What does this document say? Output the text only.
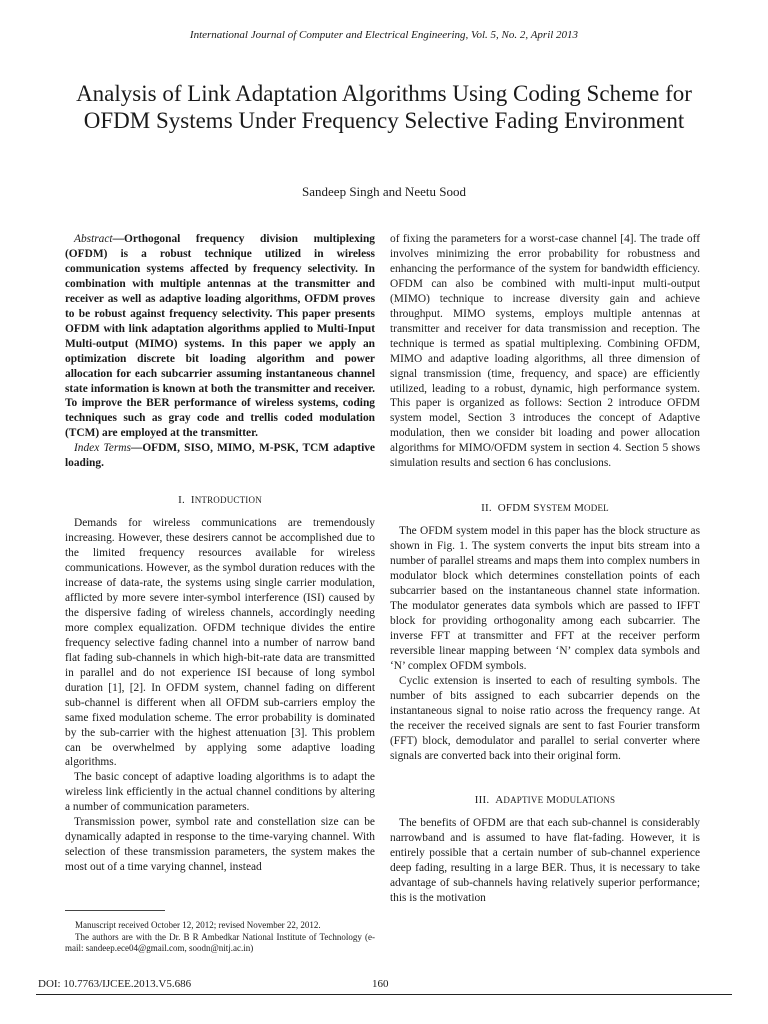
International Journal of Computer and Electrical Engineering, Vol. 5, No. 2, April 2013
Analysis of Link Adaptation Algorithms Using Coding Scheme for OFDM Systems Under Frequency Selective Fading Environment
Sandeep Singh and Neetu Sood

Abstract—Orthogonal frequency division multiplexing (OFDM) is a robust technique utilized in wireless communication systems affected by frequency selectivity. In combination with multiple antennas at the transmitter and receiver as well as adaptive loading algorithms, OFDM proves to be robust against frequency selectivity. This paper presents OFDM with link adaptation algorithms applied to Multi-Input Multi-output (MIMO) systems. In this paper we apply an optimization discrete bit loading algorithm and power allocation for each subcarrier assuming instantaneous channel state information is known at both the transmitter and receiver. To improve the BER performance of wireless systems, coding techniques such as gray code and trellis coded modulation (TCM) are employed at the transmitter.

Index Terms—OFDM, SISO, MIMO, M-PSK, TCM adaptive loading.

I. INTRODUCTION

Demands for wireless communications are tremendously increasing. However, these desirers cannot be accomplished due to the limited frequency resources available for wireless communications. However, as the symbol duration reduces with the increase of data-rate, the systems using single carrier modulation, afflicted by more severe inter-symbol interference (ISI) caused by the dispersive fading of wireless channels, accordingly needing more complex equalization. OFDM technique divides the entire frequency selective fading channel into a number of narrow band flat fading sub-channels in which high-bit-rate data are transmitted in parallel and do not experience ISI because of long symbol duration [1], [2]. In OFDM system, channel fading on different sub-channel is different when all OFDM sub-carriers employ the same fixed modulation scheme. The error probability is dominated by the sub-carrier with the highest attenuation [3]. This problem can be overwhelmed by applying some adaptive loading algorithms.

The basic concept of adaptive loading algorithms is to adapt the wireless link efficiently in the actual channel conditions by altering a number of communication parameters.

Transmission power, symbol rate and constellation size can be dynamically adapted in response to the time-varying channel. With selection of these transmission parameters, the system makes the most out of a time varying channel, instead

of fixing the parameters for a worst-case channel [4]. The trade off involves minimizing the error probability for robustness and enhancing the performance of the system for bandwidth efficiency. OFDM can also be combined with multi-input multi-output (MIMO) technique to increase diversity gain and achieve throughput. MIMO systems, employs multiple antennas at transmitter and receiver for data transmission and reception. The technique is termed as spatial multiplexing. Combining OFDM, MIMO and adaptive loading algorithms, all three dimension of signal transmission (time, frequency, and space) are efficiently utilized, leading to a robust, dynamic, high performance system. This paper is organized as follows: Section 2 introduce OFDM system model, Section 3 introduces the concept of Adaptive modulation, then we consider bit loading and power allocation algorithms for MIMO/OFDM system in section 4. Section 5 shows simulation results and section 6 has conclusions.

II. OFDM SYSTEM MODEL

The OFDM system model in this paper has the block structure as shown in Fig. 1. The system converts the input bits stream into a number of parallel streams and maps them into complex numbers in modulator block which determines constellation points of each subcarrier based on the instantaneous channel state information. The modulator generates data symbols which are passed to IFFT block for providing orthogonality among each subcarrier. The inverse FFT at transmitter and FFT at the receiver perform reversible linear mapping between ‘N’ complex data symbols and ‘N’ complex OFDM symbols.

Cyclic extension is inserted to each of resulting symbols. The number of bits assigned to each subcarrier depends on the instantaneous signal to noise ratio across the frequency range. At the receiver the received signals are sent to fast Fourier transform (FFT) block, demodulator and parallel to serial converter where signals are converted back into their original form.

III. ADAPTIVE MODULATIONS

The benefits of OFDM are that each sub-channel is considerably narrowband and is assumed to have flat-fading. However, it is entirely possible that a certain number of sub-channel experience deep fading, resulting in a large BER. Thus, it is necessary to take advantage of sub-channels having relatively superior performance; this is the motivation

Manuscript received October 12, 2012; revised November 22, 2012.

The authors are with the Dr. B R Ambedkar National Institute of Technology (e-mail: sandeep.ece04@gmail.com, soodn@nitj.ac.in)

DOI: 10.7763/IJCEE.2013.V5.686	160
